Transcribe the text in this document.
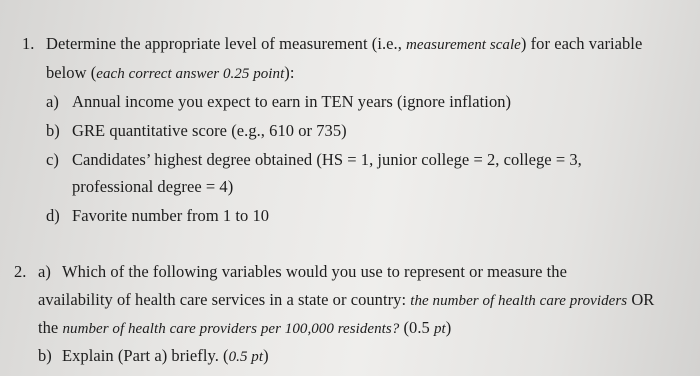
1. Determine the appropriate level of measurement (i.e., measurement scale) for each variable
below (each correct answer 0.25 point):
a) Annual income you expect to earn in TEN years (ignore inflation)
b) GRE quantitative score (e.g., 610 or 735)
c) Candidates’ highest degree obtained (HS = 1, junior college = 2, college = 3,
professional degree = 4)
d) Favorite number from 1 to 10
2. a) Which of the following variables would you use to represent or measure the
availability of health care services in a state or country: the number of health care providers OR
the number of health care providers per 100,000 residents? (0.5 pt)
b) Explain (Part a) briefly. (0.5 pt)
